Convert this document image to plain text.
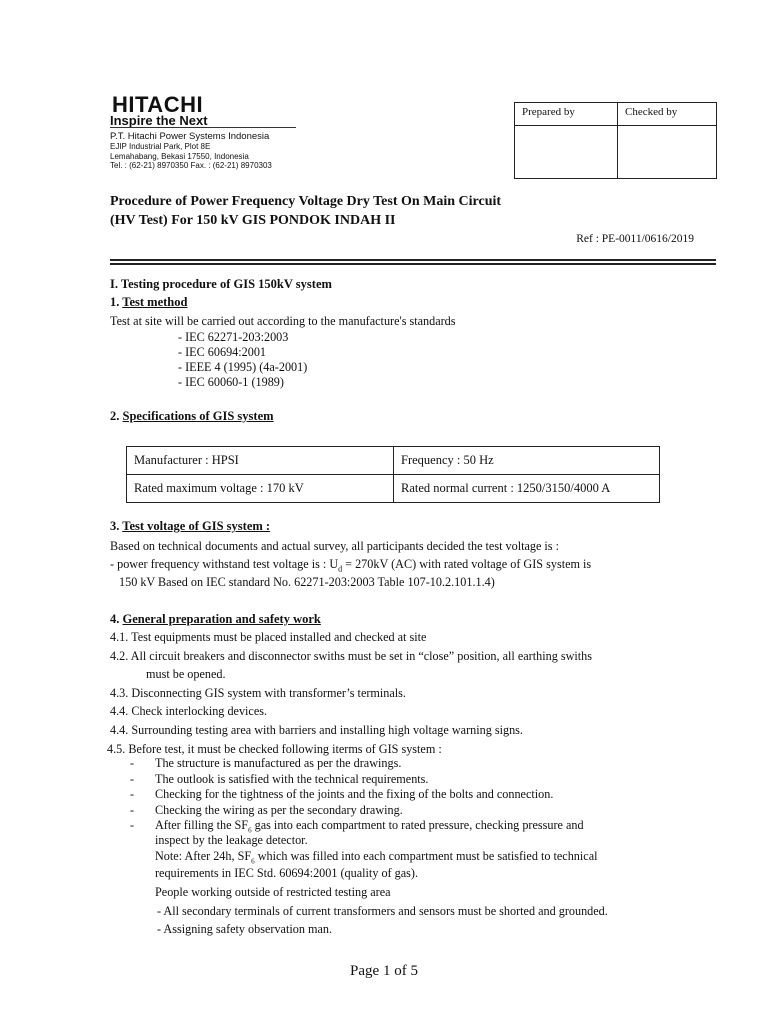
HITACHI
Inspire the Next
P.T. Hitachi Power Systems Indonesia
EJIP Industrial Park, Plot 8E
Lemahabang, Bekasi 17550, Indonesia
Tel. : (62-21) 8970350 Fax. : (62-21) 8970303
Prepared by	Checked by

Procedure of Power Frequency Voltage Dry Test On Main Circuit
(HV Test) For 150 kV GIS PONDOK INDAH II
Ref : PE-0011/0616/2019
I. Testing procedure of GIS 150kV system
1. Test method
Test at site will be carried out according to the manufacture's standards
- IEC 62271-203:2003
- IEC 60694:2001
- IEEE 4 (1995) (4a-2001)
- IEC 60060-1 (1989)
2. Specifications of GIS system
Manufacturer : HPSI	Frequency : 50 Hz
Rated maximum voltage : 170 kV	Rated normal current : 1250/3150/4000 A
3. Test voltage of GIS system :
Based on technical documents and actual survey, all participants decided the test voltage is :
- power frequency withstand test voltage is : $U_d = 270kV$ (AC) with rated voltage of GIS system is
150 kV Based on IEC standard No. 62271-203:2003 Table 107-10.2.101.1.4)
4. General preparation and safety work
4.1. Test equipments must be placed installed and checked at site
4.2. All circuit breakers and disconnector swiths must be set in “close” position, all earthing swiths
must be opened.
4.3. Disconnecting GIS system with transformer’s terminals.
4.4. Check interlocking devices.
4.4. Surrounding testing area with barriers and installing high voltage warning signs.
4.5. Before test, it must be checked following iterms of GIS system :
-
-
-
-
-
The structure is manufactured as per the drawings.
The outlook is satisfied with the technical requirements.
Checking for the tightness of the joints and the fixing of the bolts and connection.
Checking the wiring as per the secondary drawing.
After filling the $SF_6$ gas into each compartment to rated pressure, checking pressure and
inspect by the leakage detector.
Note: After 24h, $SF_6$ which was filled into each compartment must be satisfied to technical
requirements in IEC Std. 60694:2001 (quality of gas).
People working outside of restricted testing area
- All secondary terminals of current transformers and sensors must be shorted and grounded.
- Assigning safety observation man.
Page 1 of 5
